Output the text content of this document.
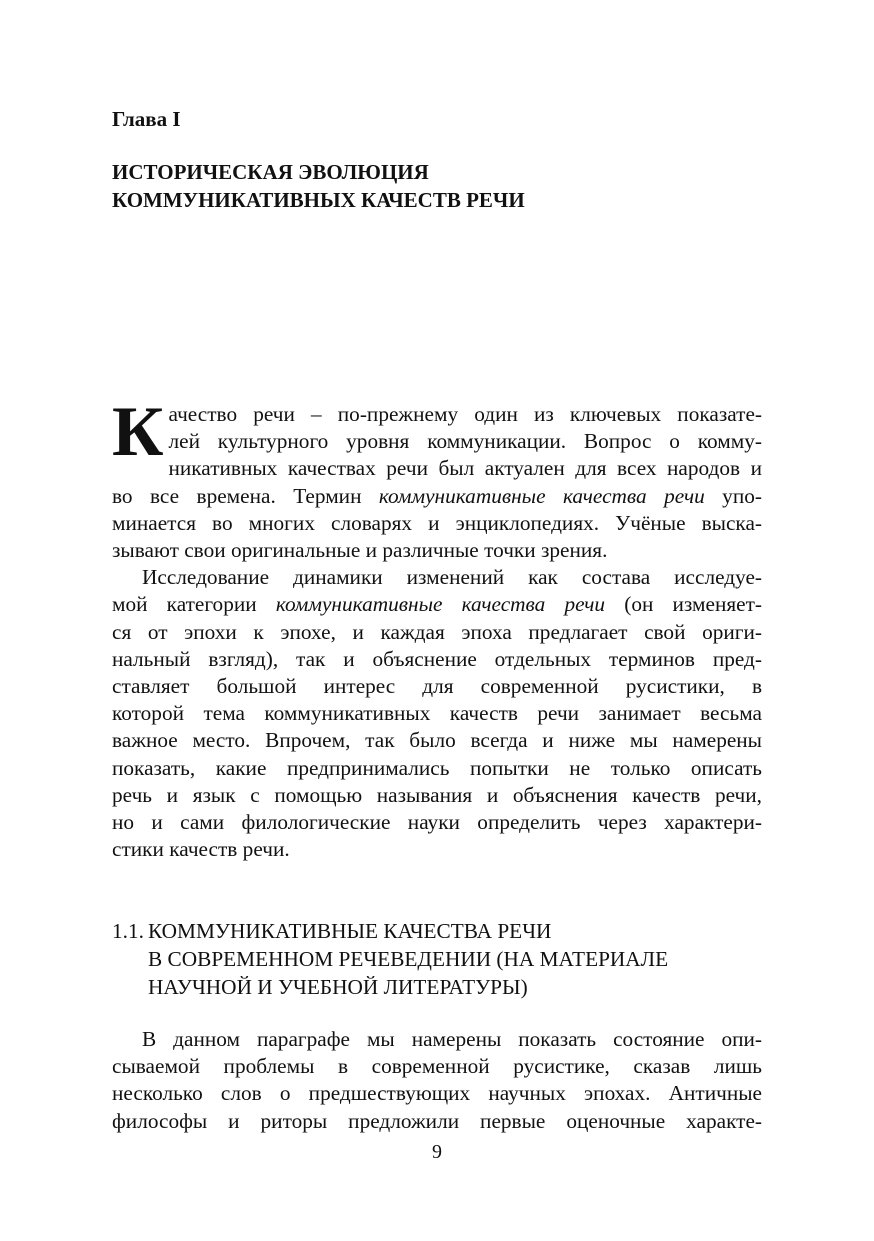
Глава I

ИСТОРИЧЕСКАЯ ЭВОЛЮЦИЯ
КОММУНИКАТИВНЫХ КАЧЕСТВ РЕЧИ

К ачество речи – по-прежнему один из ключевых показате-
лей культурного уровня коммуникации. Вопрос о комму-
никативных качествах речи был актуален для всех народов и
во все времена. Термин коммуникативные качества речи упо-
минается во многих словарях и энциклопедиях. Учёные выска-
зывают свои оригинальные и различные точки зрения.

Исследование динамики изменений как состава исследуе-
мой категории коммуникативные качества речи (он изменяет-
ся от эпохи к эпохе, и каждая эпоха предлагает свой ориги-
нальный взгляд), так и объяснение отдельных терминов пред-
ставляет большой интерес для современной русистики, в
которой тема коммуникативных качеств речи занимает весьма
важное место. Впрочем, так было всегда и ниже мы намерены
показать, какие предпринимались попытки не только описать
речь и язык с помощью называния и объяснения качеств речи,
но и сами филологические науки определить через характери-
стики качеств речи.

1.1. КОММУНИКАТИВНЫЕ КАЧЕСТВА РЕЧИ
В СОВРЕМЕННОМ РЕЧЕВЕДЕНИИ (НА МАТЕРИАЛЕ
НАУЧНОЙ И УЧЕБНОЙ ЛИТЕРАТУРЫ)

В данном параграфе мы намерены показать состояние опи-
сываемой проблемы в современной русистике, сказав лишь
несколько слов о предшествующих научных эпохах. Античные
философы и риторы предложили первые оценочные характе-

9
